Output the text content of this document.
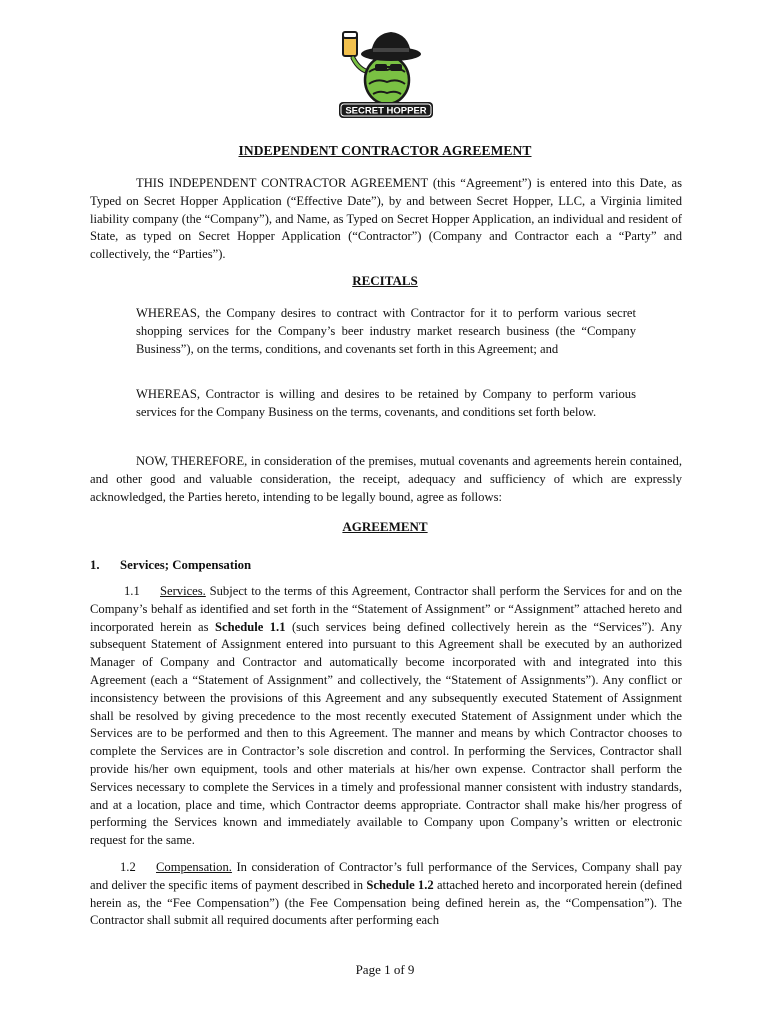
SECRET HOPPER
INDEPENDENT CONTRACTOR AGREEMENT

THIS INDEPENDENT CONTRACTOR AGREEMENT (this “Agreement”) is entered into this Date, as Typed on Secret Hopper Application (“Effective Date”), by and between Secret Hopper, LLC, a Virginia limited liability company (the “Company”), and Name, as Typed on Secret Hopper Application, an individual and resident of State, as typed on Secret Hopper Application (“Contractor”) (Company and Contractor each a “Party” and collectively, the “Parties”).

RECITALS

WHEREAS, the Company desires to contract with Contractor for it to perform various secret shopping services for the Company’s beer industry market research business (the “Company Business”), on the terms, conditions, and covenants set forth in this Agreement; and

WHEREAS, Contractor is willing and desires to be retained by Company to perform various services for the Company Business on the terms, covenants, and conditions set forth below.

NOW, THEREFORE, in consideration of the premises, mutual covenants and agreements herein contained, and other good and valuable consideration, the receipt, adequacy and sufficiency of which are expressly acknowledged, the Parties hereto, intending to be legally bound, agree as follows:

AGREEMENT
1. Services; Compensation

1.1 Services. Subject to the terms of this Agreement, Contractor shall perform the Services for and on the Company’s behalf as identified and set forth in the “Statement of Assignment” or “Assignment” attached hereto and incorporated herein as Schedule 1.1 (such services being defined collectively herein as the “Services”). Any subsequent Statement of Assignment entered into pursuant to this Agreement shall be executed by an authorized Manager of Company and Contractor and automatically become incorporated with and integrated into this Agreement (each a “Statement of Assignment” and collectively, the “Statement of Assignments”). Any conflict or inconsistency between the provisions of this Agreement and any subsequently executed Statement of Assignment shall be resolved by giving precedence to the most recently executed Statement of Assignment under which the Services are to be performed and then to this Agreement. The manner and means by which Contractor chooses to complete the Services are in Contractor’s sole discretion and control. In performing the Services, Contractor shall provide his/her own equipment, tools and other materials at his/her own expense. Contractor shall perform the Services necessary to complete the Services in a timely and professional manner consistent with industry standards, and at a location, place and time, which Contractor deems appropriate. Contractor shall make his/her progress of performing the Services known and immediately available to Company upon Company’s written or electronic request for the same.

1.2 Compensation. In consideration of Contractor’s full performance of the Services, Company shall pay and deliver the specific items of payment described in Schedule 1.2 attached hereto and incorporated herein (defined herein as, the “Fee Compensation”) (the Fee Compensation being defined herein as, the “Compensation”). The Contractor shall submit all required documents after performing each

Page 1 of 9
